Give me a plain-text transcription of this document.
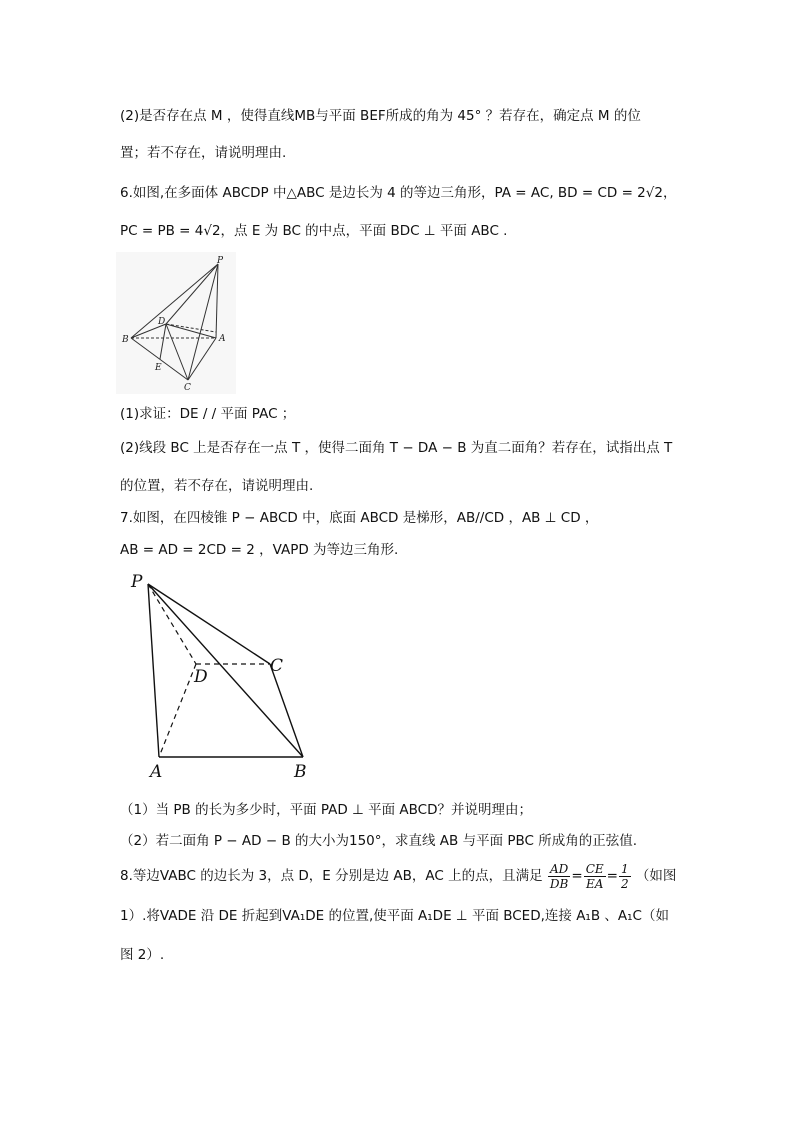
(2)是否存在点 M ，使得直线MB与平面 BEF所成的角为 45° ？若存在，确定点 M 的位
置；若不存在，请说明理由.
6.如图,在多面体 ABCDP 中△ABC 是边长为 4 的等边三角形，PA = AC, BD = CD = 2√2，
PC = PB = 4√2，点 E 为 BC 的中点，平面 BDC ⊥ 平面 ABC .
P
D
B	A
E
C
(1)求证：DE / / 平面 PAC ；
(2)线段 BC 上是否存在一点 T ，使得二面角 T − DA − B 为直二面角？若存在，试指出点 T
的位置，若不存在，请说明理由.
7.如图，在四棱锥 P − ABCD 中，底面 ABCD 是梯形，AB//CD ，AB ⊥ CD ，
AB = AD = 2CD = 2 ，VAPD 为等边三角形.
P
C
D
A	B
（1）当 PB 的长为多少时，平面 PAD ⊥ 平面 ABCD？并说明理由；
（2）若二面角 P − AD − B 的大小为150°，求直线 AB 与平面 PBC 所成角的正弦值.
8.等边VABC 的边长为 3，点 D，E 分别是边 AB，AC 上的点，且满足 $\frac{AD}{DB} = \frac{CE}{EA} = \frac{1}{2}$ （如图
1）.将VADE 沿 DE 折起到VA₁DE 的位置,使平面 A₁DE ⊥ 平面 BCED,连接 A₁B 、A₁C（如
图 2）.
